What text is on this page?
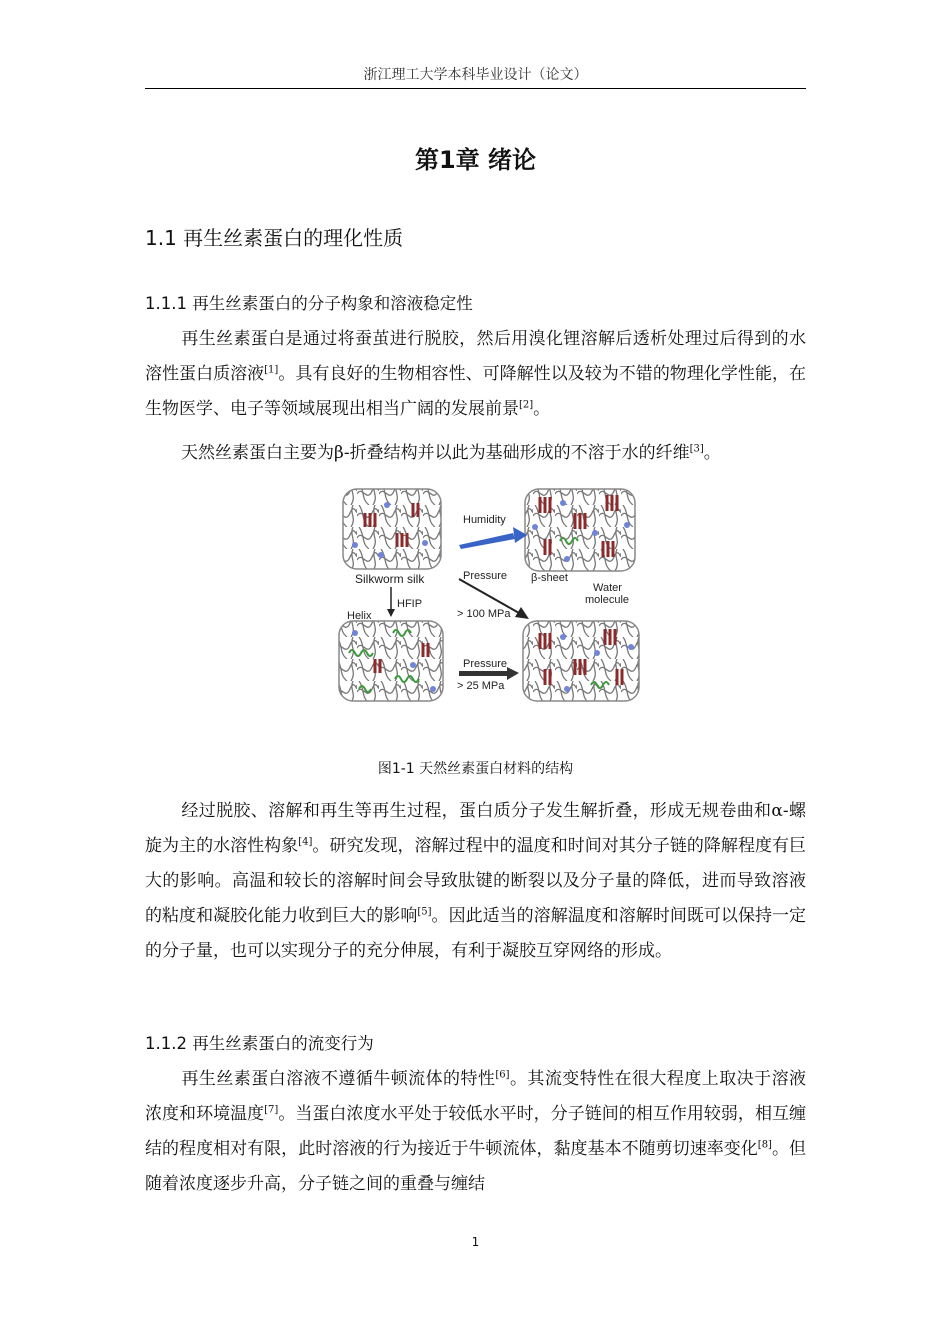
浙江理工大学本科毕业设计（论文）
第1章 绪论
1.1 再生丝素蛋白的理化性质
1.1.1 再生丝素蛋白的分子构象和溶液稳定性

再生丝素蛋白是通过将蚕茧进行脱胶，然后用溴化锂溶解后透析处理过后得到的水溶性蛋白质溶液[1]。具有良好的生物相容性、可降解性以及较为不错的物理化学性能，在生物医学、电子等领域展现出相当广阔的发展前景[2]。

天然丝素蛋白主要为β-折叠结构并以此为基础形成的不溶于水的纤维[3]。

Humidity
Silkworm silk	Pressure β-sheet
Water
molecule
HFIP
Helix	> 100 MPa
Pressure
> 25 MPa
图1-1 天然丝素蛋白材料的结构

经过脱胶、溶解和再生等再生过程，蛋白质分子发生解折叠，形成无规卷曲和α-螺旋为主的水溶性构象[4]。研究发现，溶解过程中的温度和时间对其分子链的降解程度有巨大的影响。高温和较长的溶解时间会导致肽键的断裂以及分子量的降低，进而导致溶液的粘度和凝胶化能力收到巨大的影响[5]。因此适当的溶解温度和溶解时间既可以保持一定的分子量，也可以实现分子的充分伸展，有利于凝胶互穿网络的形成。

1.1.2 再生丝素蛋白的流变行为

再生丝素蛋白溶液不遵循牛顿流体的特性[6]。其流变特性在很大程度上取决于溶液浓度和环境温度[7]。当蛋白浓度水平处于较低水平时，分子链间的相互作用较弱，相互缠结的程度相对有限，此时溶液的行为接近于牛顿流体，黏度基本不随剪切速率变化[8]。但随着浓度逐步升高，分子链之间的重叠与缠结

1
